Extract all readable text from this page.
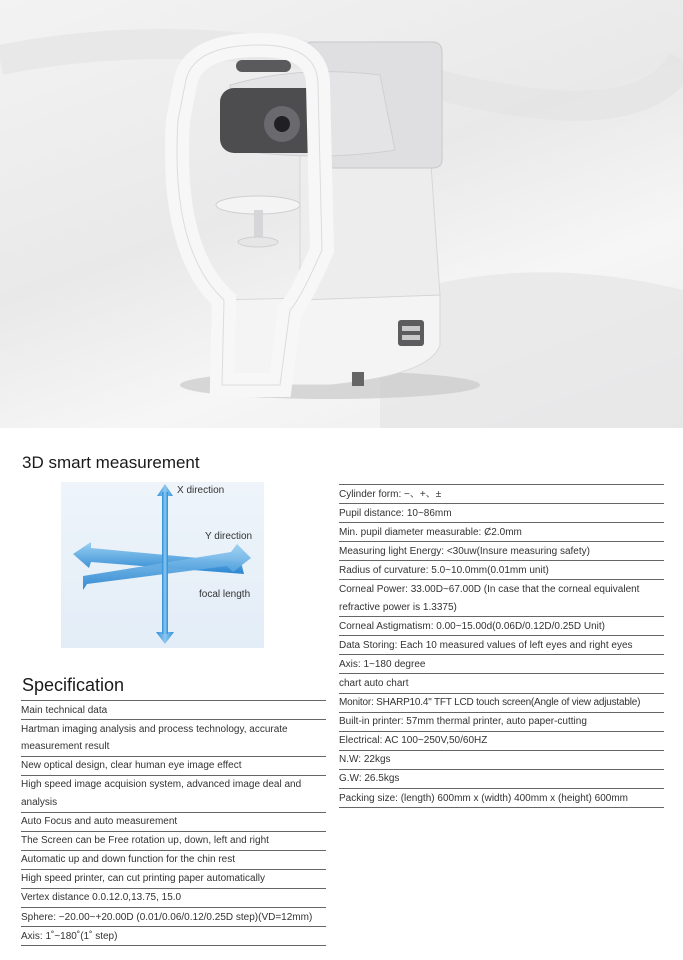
3D smart measurement
X direction
Y direction
focal length
Specification
Main technical data
Hartman imaging analysis and process technology, accurate measurement result
New optical design, clear human eye image effect
High speed image acquision system, advanced image deal and analysis
Auto Focus and auto measurement
The Screen can be Free rotation up, down, left and right
Automatic up and down function for the chin rest
High speed printer, can cut printing paper automatically
Vertex distance 0.0.12.0,13.75, 15.0
Sphere: −20.00~+20.00D (0.01/0.06/0.12/0.25D step)(VD=12mm)
Axis: 1˚~180˚(1˚ step)
Cylinder form: −、+、±
Pupil distance: 10~86mm
Min. pupil diameter measurable: Ȼ2.0mm
Measuring light Energy: <30uw(Insure measuring safety)
Radius of curvature: 5.0~10.0mm(0.01mm unit)
Corneal Power: 33.00D~67.00D (In case that the corneal equivalent refractive power is 1.3375)
Corneal Astigmatism: 0.00~15.00d(0.06D/0.12D/0.25D Unit)
Data Storing: Each 10 measured values of left eyes and right eyes
Axis: 1~180 degree
chart auto chart
Monitor: SHARP10.4" TFT LCD touch screen(Angle of view adjustable)
Built-in printer: 57mm thermal printer, auto paper-cutting
Electrical: AC 100~250V,50/60HZ
N.W: 22kgs
G.W: 26.5kgs
Packing size: (length) 600mm x (width) 400mm x (height) 600mm
